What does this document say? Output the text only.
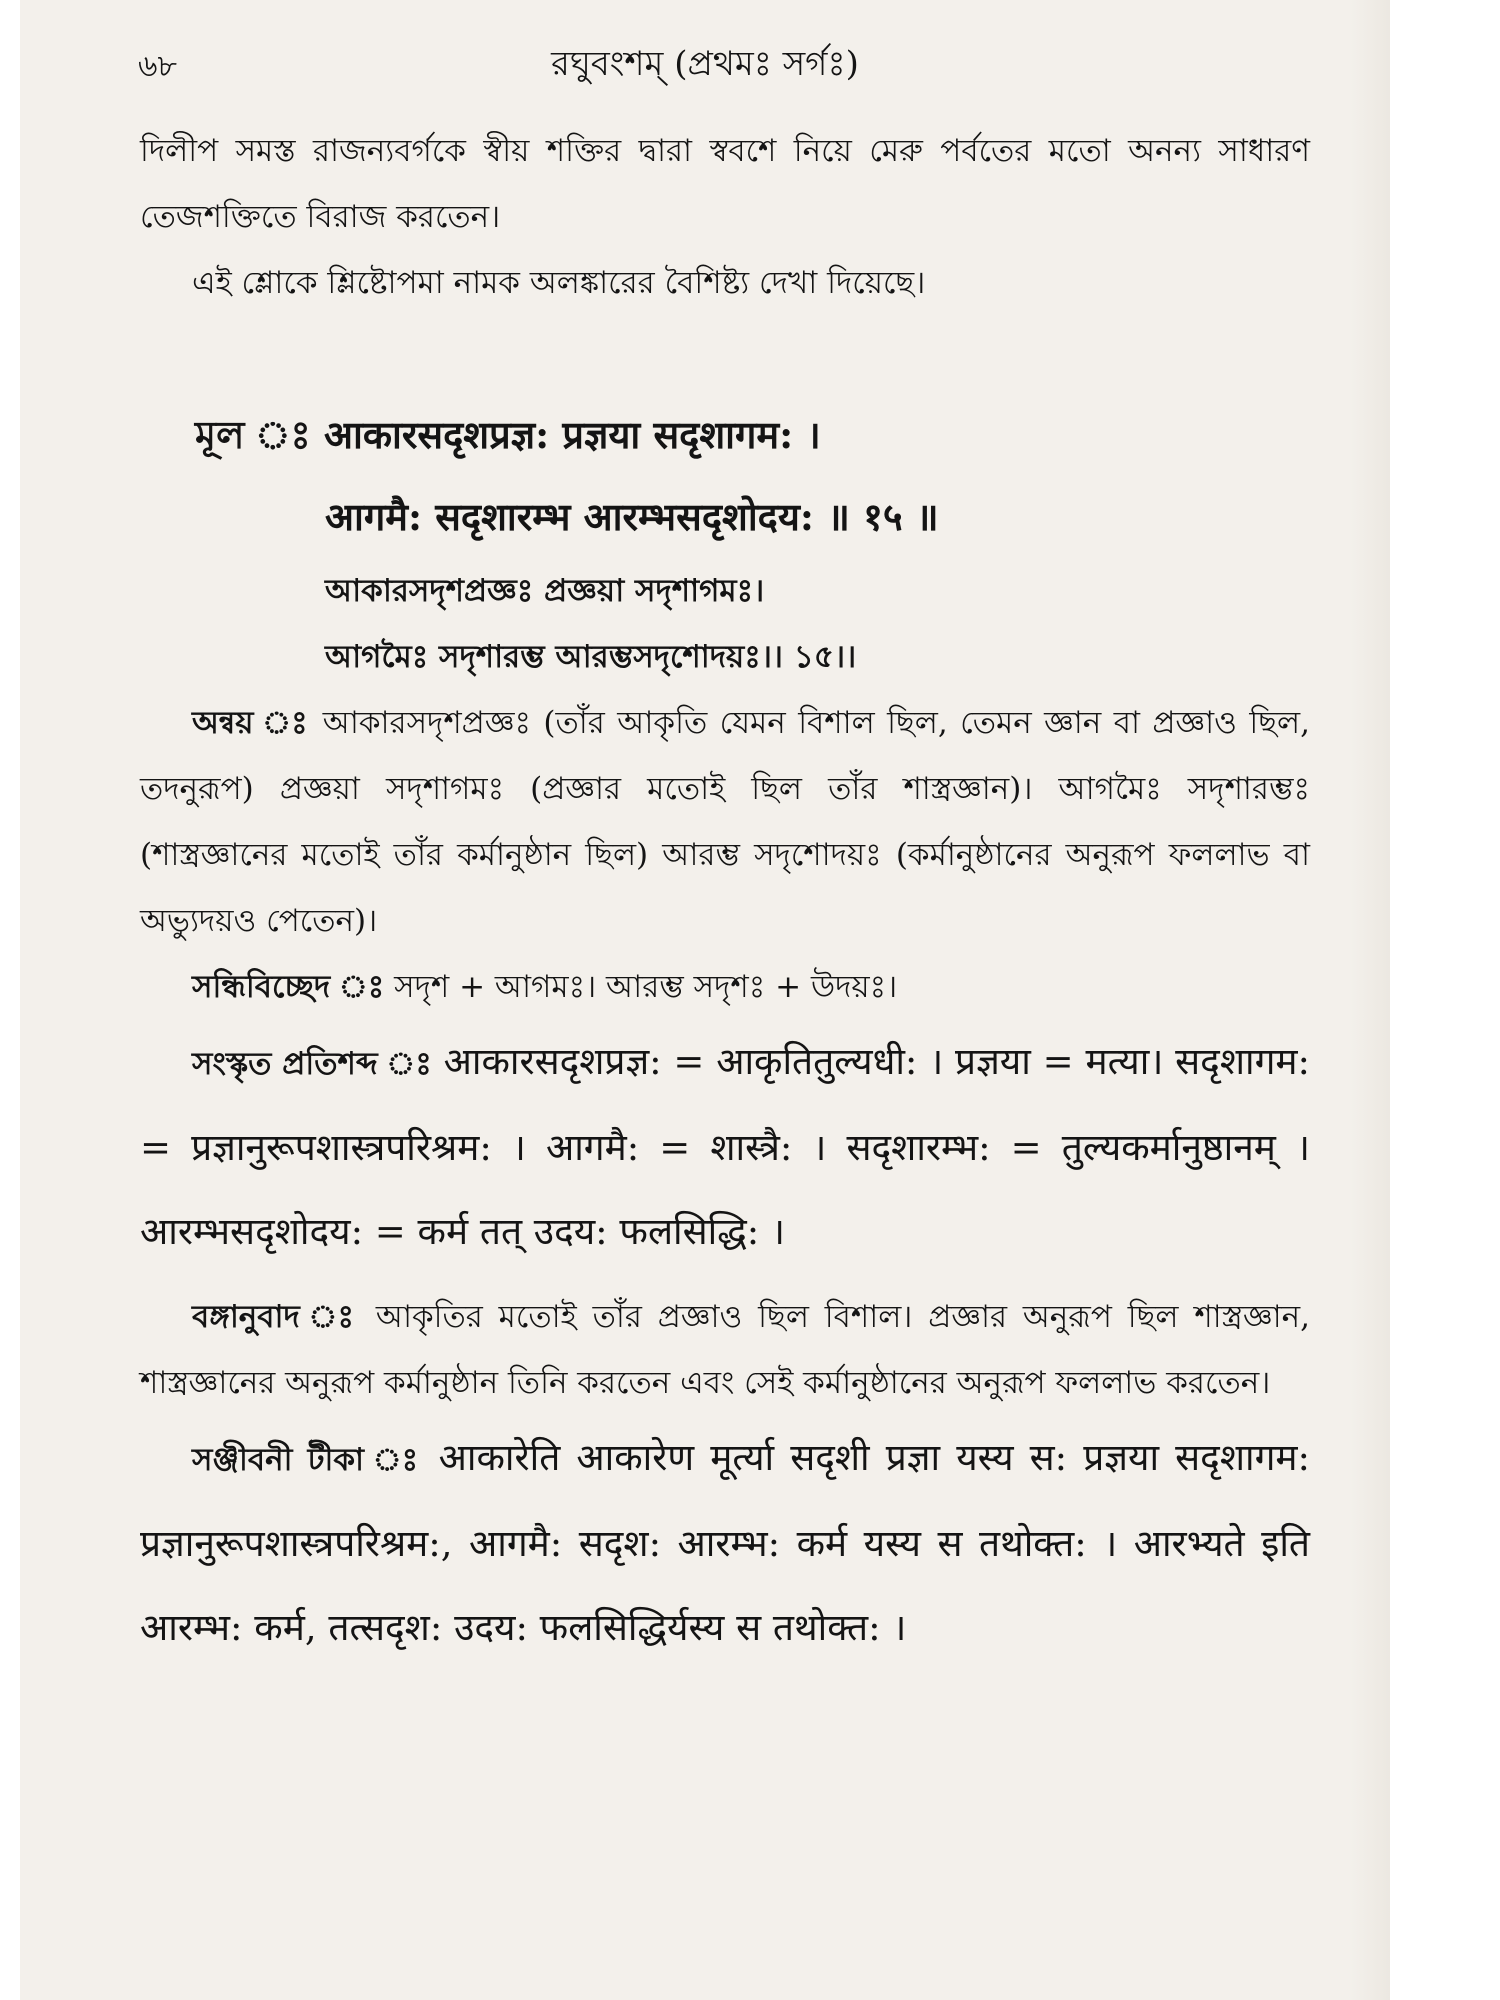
৬৮	রঘুবংশম্ (প্রথমঃ সর্গঃ)

দিলীপ সমস্ত রাজন্যবর্গকে স্বীয় শক্তির দ্বারা স্ববশে নিয়ে মেরু পর্বতের মতো অনন্য সাধারণ তেজশক্তিতে বিরাজ করতেন।

এই শ্লোকে শ্লিষ্টোপমা নামক অলঙ্কারের বৈশিষ্ট্য দেখা দিয়েছে।

মূল ঃ आकारसदृशप्रज्ञ: प्रज्ञया सदृशागम: ।
आगमै: सदृशारम्भ आरम्भसदृशोदय: ॥ १५ ॥
আকারসদৃশপ্রজ্ঞঃ প্রজ্ঞয়া সদৃশাগমঃ।
আগমৈঃ সদৃশারম্ভ আরম্ভসদৃশোদয়ঃ।। ১৫।।

অন্বয় ঃ আকারসদৃশপ্রজ্ঞঃ (তাঁর আকৃতি যেমন বিশাল ছিল, তেমন জ্ঞান বা প্রজ্ঞাও ছিল, তদনুরূপ) প্রজ্ঞয়া সদৃশাগমঃ (প্রজ্ঞার মতোই ছিল তাঁর শাস্ত্রজ্ঞান)। আগমৈঃ সদৃশারম্ভঃ (শাস্ত্রজ্ঞানের মতোই তাঁর কর্মানুষ্ঠান ছিল) আরম্ভ সদৃশোদয়ঃ (কর্মানুষ্ঠানের অনুরূপ ফললাভ বা অভ্যুদয়ও পেতেন)।

সন্ধিবিচ্ছেদ ঃ সদৃশ + আগমঃ। আরম্ভ সদৃশঃ + উদয়ঃ।

সংস্কৃত প্রতিশব্দ ঃ आकारसदृशप्रज्ञ: = आकृतितुल्यधी: । प्रज्ञया = मत्या। सदृशागम: = प्रज्ञानुरूपशास्त्रपरिश्रम: । आगमै: = शास्त्रै: । सदृशारम्भ: = तुल्यकर्मानुष्ठानम् । आरम्भसदृशोदय: = कर्म तत् उदय: फलसिद्धि: ।

বঙ্গানুবাদ ঃ আকৃতির মতোই তাঁর প্রজ্ঞাও ছিল বিশাল। প্রজ্ঞার অনুরূপ ছিল শাস্ত্রজ্ঞান, শাস্ত্রজ্ঞানের অনুরূপ কর্মানুষ্ঠান তিনি করতেন এবং সেই কর্মানুষ্ঠানের অনুরূপ ফললাভ করতেন।

সঞ্জীবনী টীকা ঃ आकारेति आकारेण मूर्त्या सदृशी प्रज्ञा यस्य स: प्रज्ञया सदृशागम: प्रज्ञानुरूपशास्त्रपरिश्रम:, आगमै: सदृश: आरम्भ: कर्म यस्य स तथोक्त: । आरभ्यते इति आरम्भ: कर्म, तत्सदृश: उदय: फलसिद्धिर्यस्य स तथोक्त: ।
